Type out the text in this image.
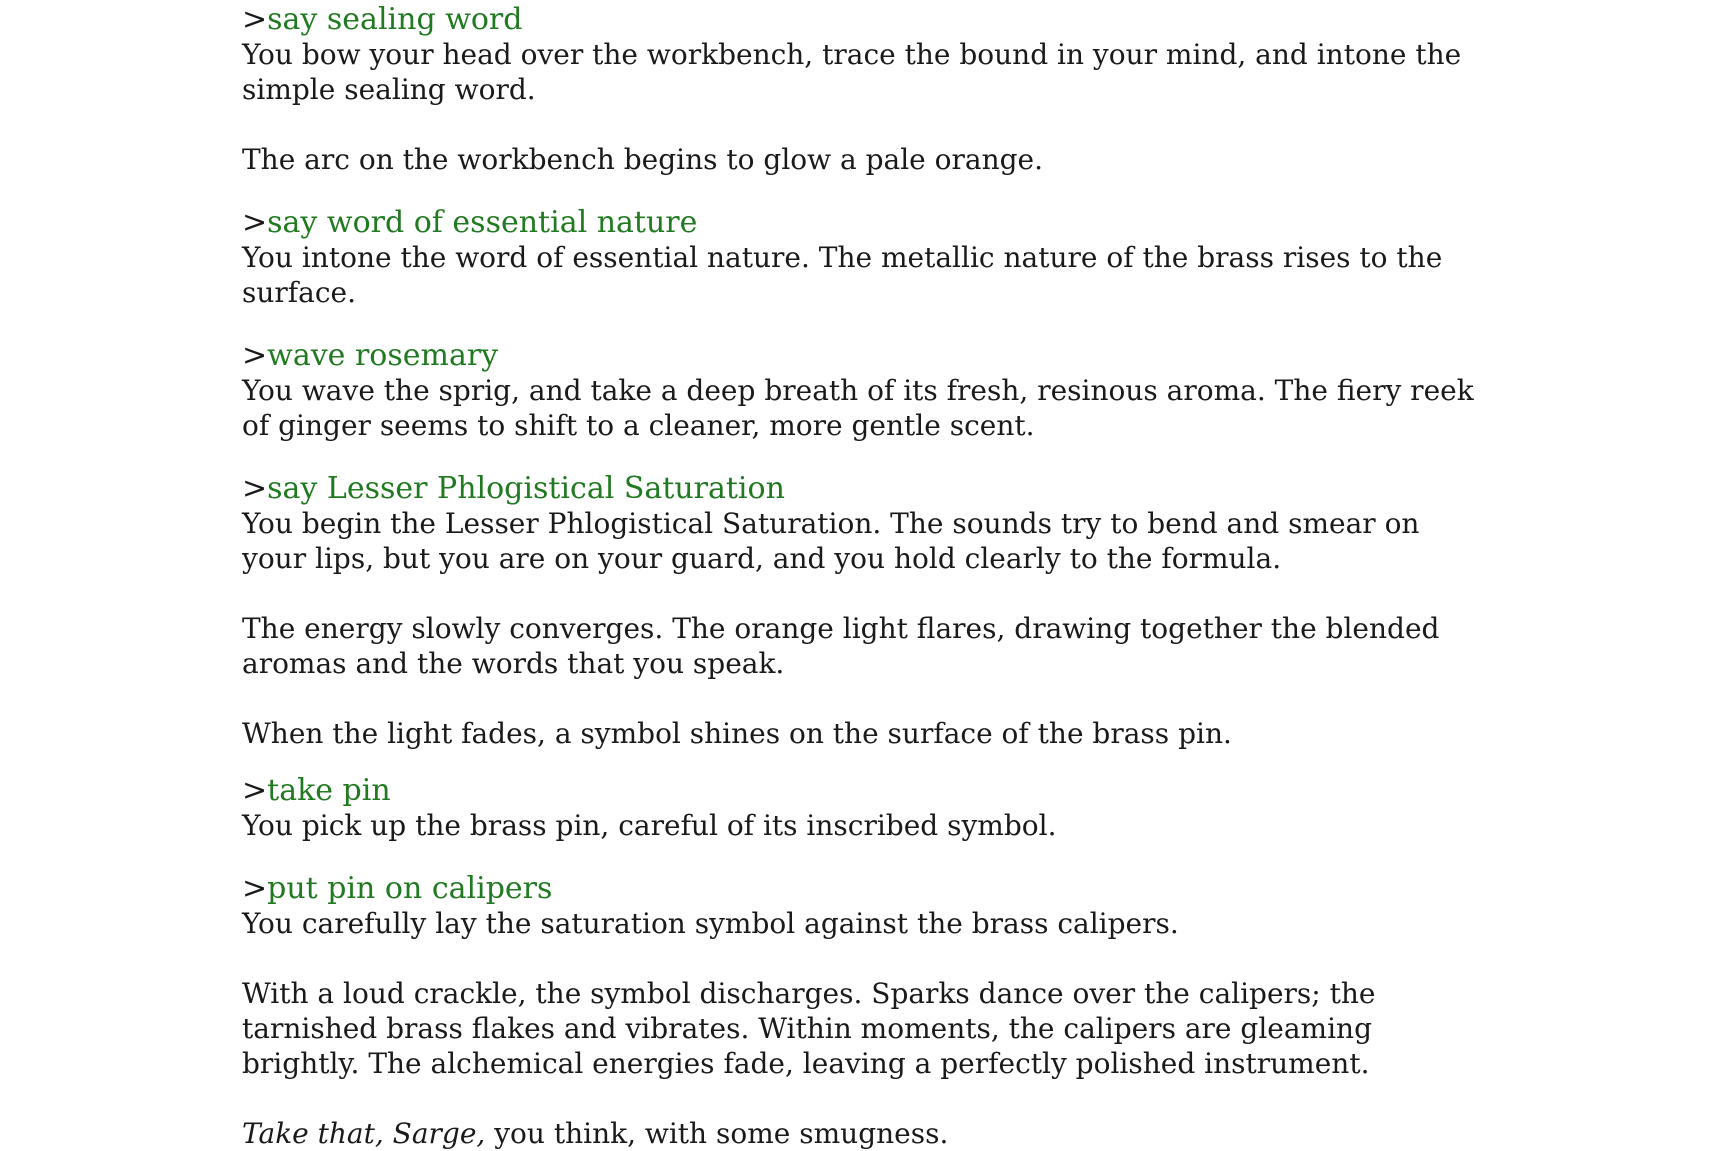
>say sealing word

You bow your head over the workbench, trace the bound in your mind, and intone the simple sealing word.

The arc on the workbench begins to glow a pale orange.

>say word of essential nature

You intone the word of essential nature. The metallic nature of the brass rises to the surface.

>wave rosemary

You wave the sprig, and take a deep breath of its fresh, resinous aroma. The fiery reek of ginger seems to shift to a cleaner, more gentle scent.

>say Lesser Phlogistical Saturation

You begin the Lesser Phlogistical Saturation. The sounds try to bend and smear on your lips, but you are on your guard, and you hold clearly to the formula.

The energy slowly converges. The orange light flares, drawing together the blended aromas and the words that you speak.

When the light fades, a symbol shines on the surface of the brass pin.

>take pin

You pick up the brass pin, careful of its inscribed symbol.

>put pin on calipers

You carefully lay the saturation symbol against the brass calipers.

With a loud crackle, the symbol discharges. Sparks dance over the calipers; the tarnished brass flakes and vibrates. Within moments, the calipers are gleaming brightly. The alchemical energies fade, leaving a perfectly polished instrument.

Take that, Sarge, you think, with some smugness.
